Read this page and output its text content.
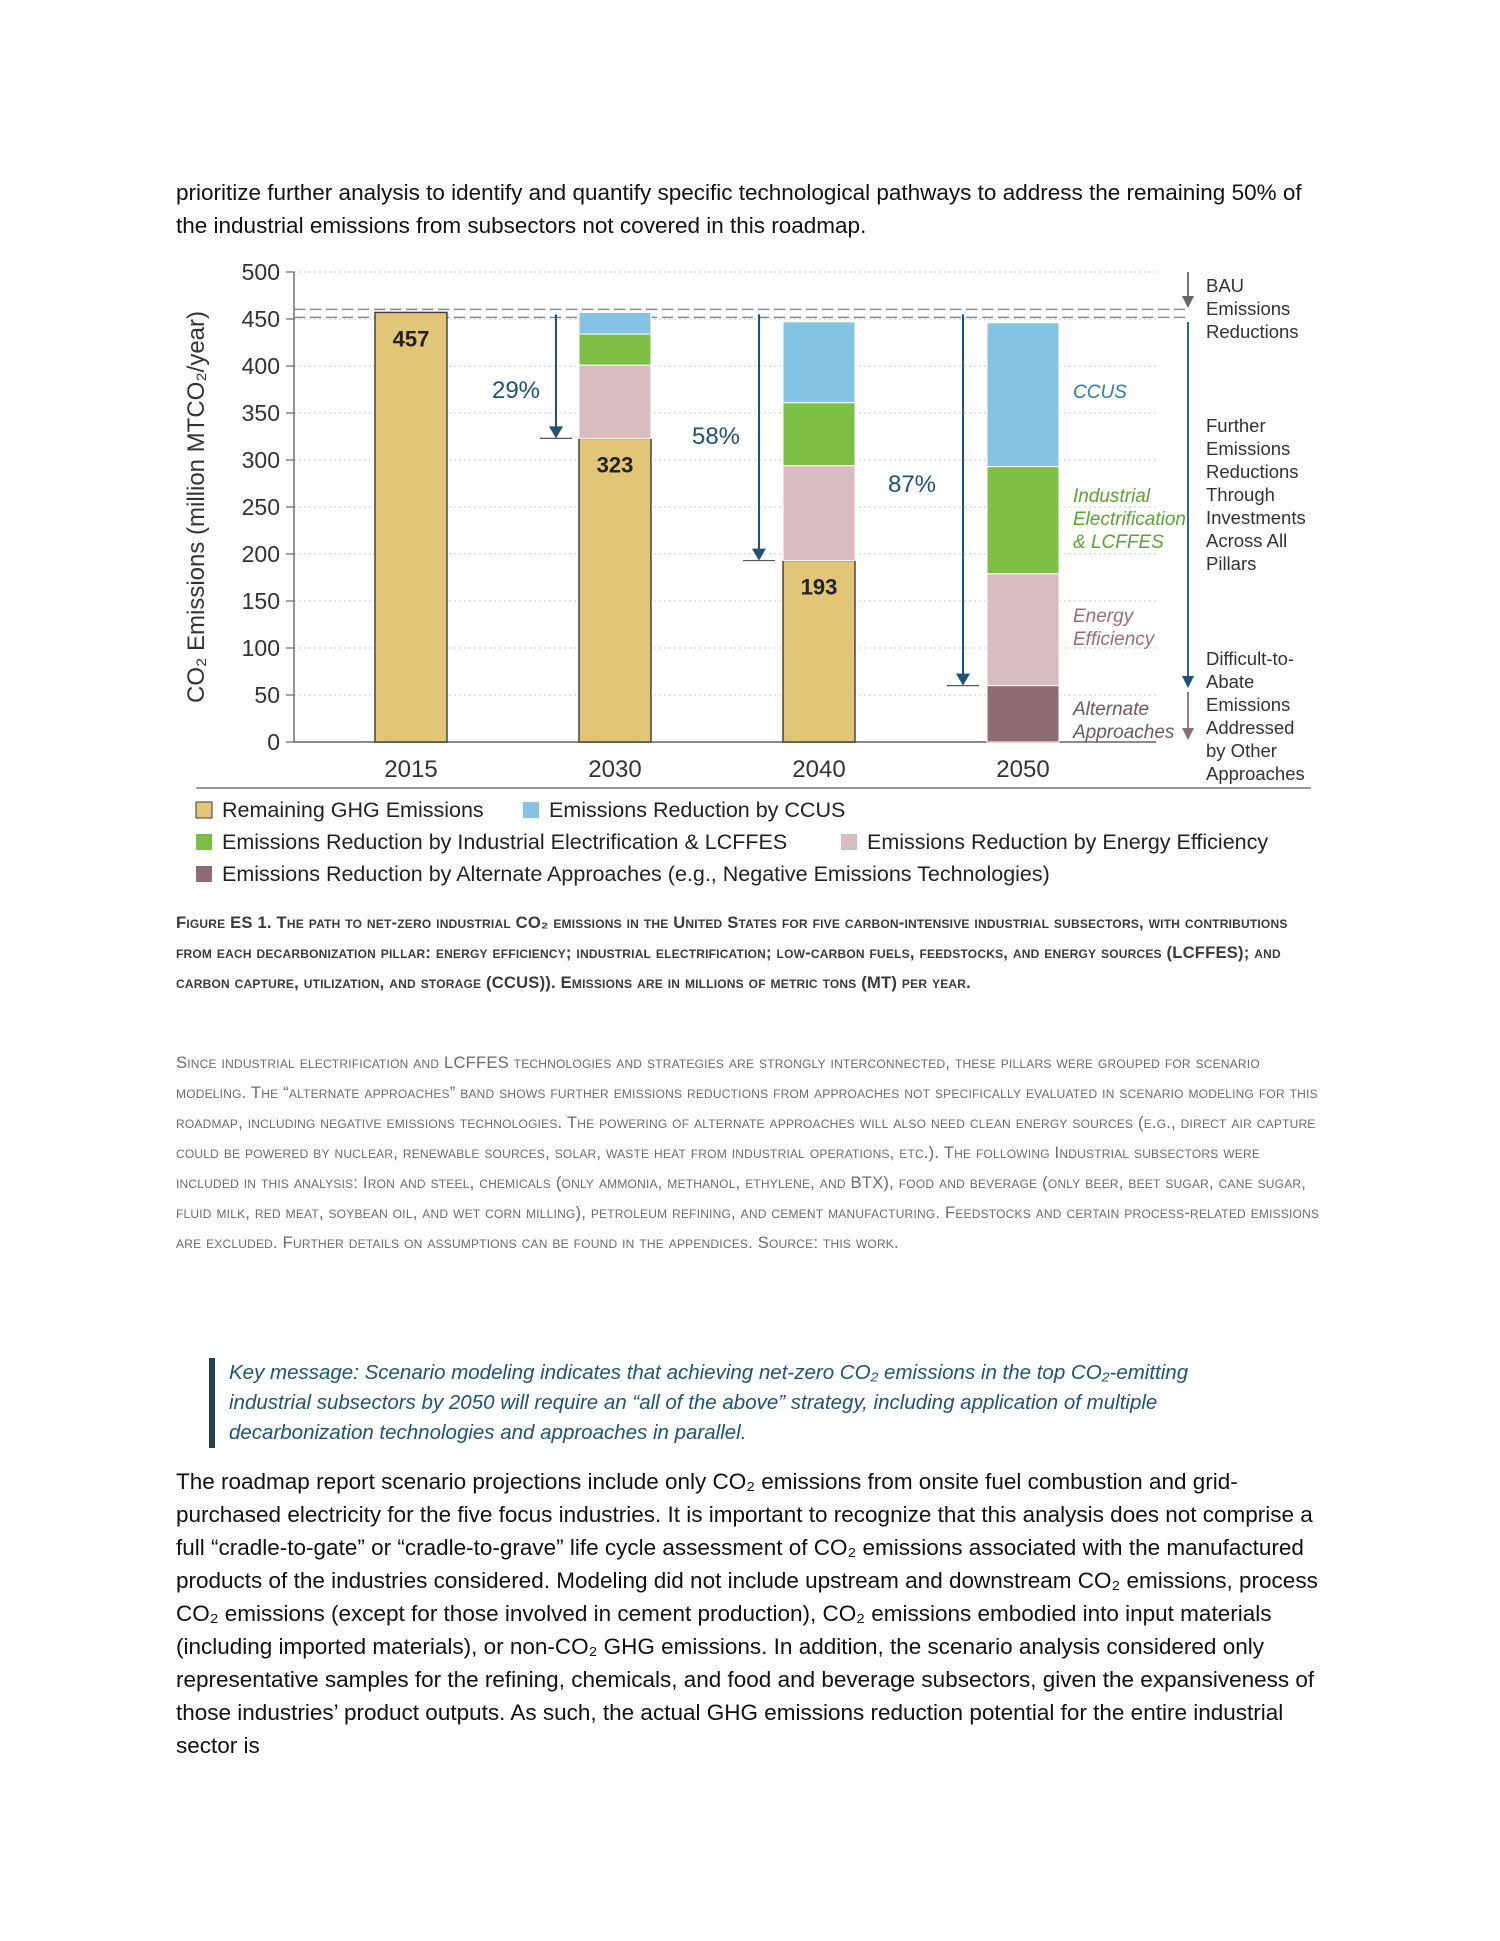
prioritize further analysis to identify and quantify specific technological pathways to address the remaining 50% of the industrial emissions from subsectors not covered in this roadmap.

CO₂ Emissions (million MTCO₂/year)
0
50
100
150
200
250
300
350
400
450
500
2015	2030	2040	2050
457
323
193
29%
58%
87%
CCUS
Industrial
Electrification
& LCFFES
Energy
Efficiency
Alternate
Approaches
BAU
Emissions
Reductions
Further
Emissions
Reductions
Through
Investments
Across All
Pillars
Difficult-to-
Abate
Emissions
Addressed
by Other
Approaches
Remaining GHG Emissions	Emissions Reduction by CCUS
Emissions Reduction by Industrial Electrification & LCFFES	Emissions Reduction by Energy Efficiency
Emissions Reduction by Alternate Approaches (e.g., Negative Emissions Technologies)

Figure ES 1. The path to net-zero industrial CO₂ emissions in the United States for five carbon-intensive industrial subsectors, with contributions from each decarbonization pillar: energy efficiency; industrial electrification; low-carbon fuels, feedstocks, and energy sources (LCFFES); and carbon capture, utilization, and storage (CCUS)). Emissions are in millions of metric tons (MT) per year.

Since industrial electrification and LCFFES technologies and strategies are strongly interconnected, these pillars were grouped for scenario modeling. The “alternate approaches” band shows further emissions reductions from approaches not specifically evaluated in scenario modeling for this roadmap, including negative emissions technologies. The powering of alternate approaches will also need clean energy sources (e.g., direct air capture could be powered by nuclear, renewable sources, solar, waste heat from industrial operations, etc.). The following Industrial subsectors were included in this analysis: Iron and steel, chemicals (only ammonia, methanol, ethylene, and BTX), food and beverage (only beer, beet sugar, cane sugar, fluid milk, red meat, soybean oil, and wet corn milling), petroleum refining, and cement manufacturing. Feedstocks and certain process-related emissions are excluded. Further details on assumptions can be found in the appendices. Source: this work.

Key message: Scenario modeling indicates that achieving net-zero CO₂ emissions in the top CO₂-emitting industrial subsectors by 2050 will require an “all of the above” strategy, including application of multiple decarbonization technologies and approaches in parallel.

The roadmap report scenario projections include only CO₂ emissions from onsite fuel combustion and grid-purchased electricity for the five focus industries. It is important to recognize that this analysis does not comprise a full “cradle-to-gate” or “cradle-to-grave” life cycle assessment of CO₂ emissions associated with the manufactured products of the industries considered. Modeling did not include upstream and downstream CO₂ emissions, process CO₂ emissions (except for those involved in cement production), CO₂ emissions embodied into input materials (including imported materials), or non-CO₂ GHG emissions. In addition, the scenario analysis considered only representative samples for the refining, chemicals, and food and beverage subsectors, given the expansiveness of those industries’ product outputs. As such, the actual GHG emissions reduction potential for the entire industrial sector is
